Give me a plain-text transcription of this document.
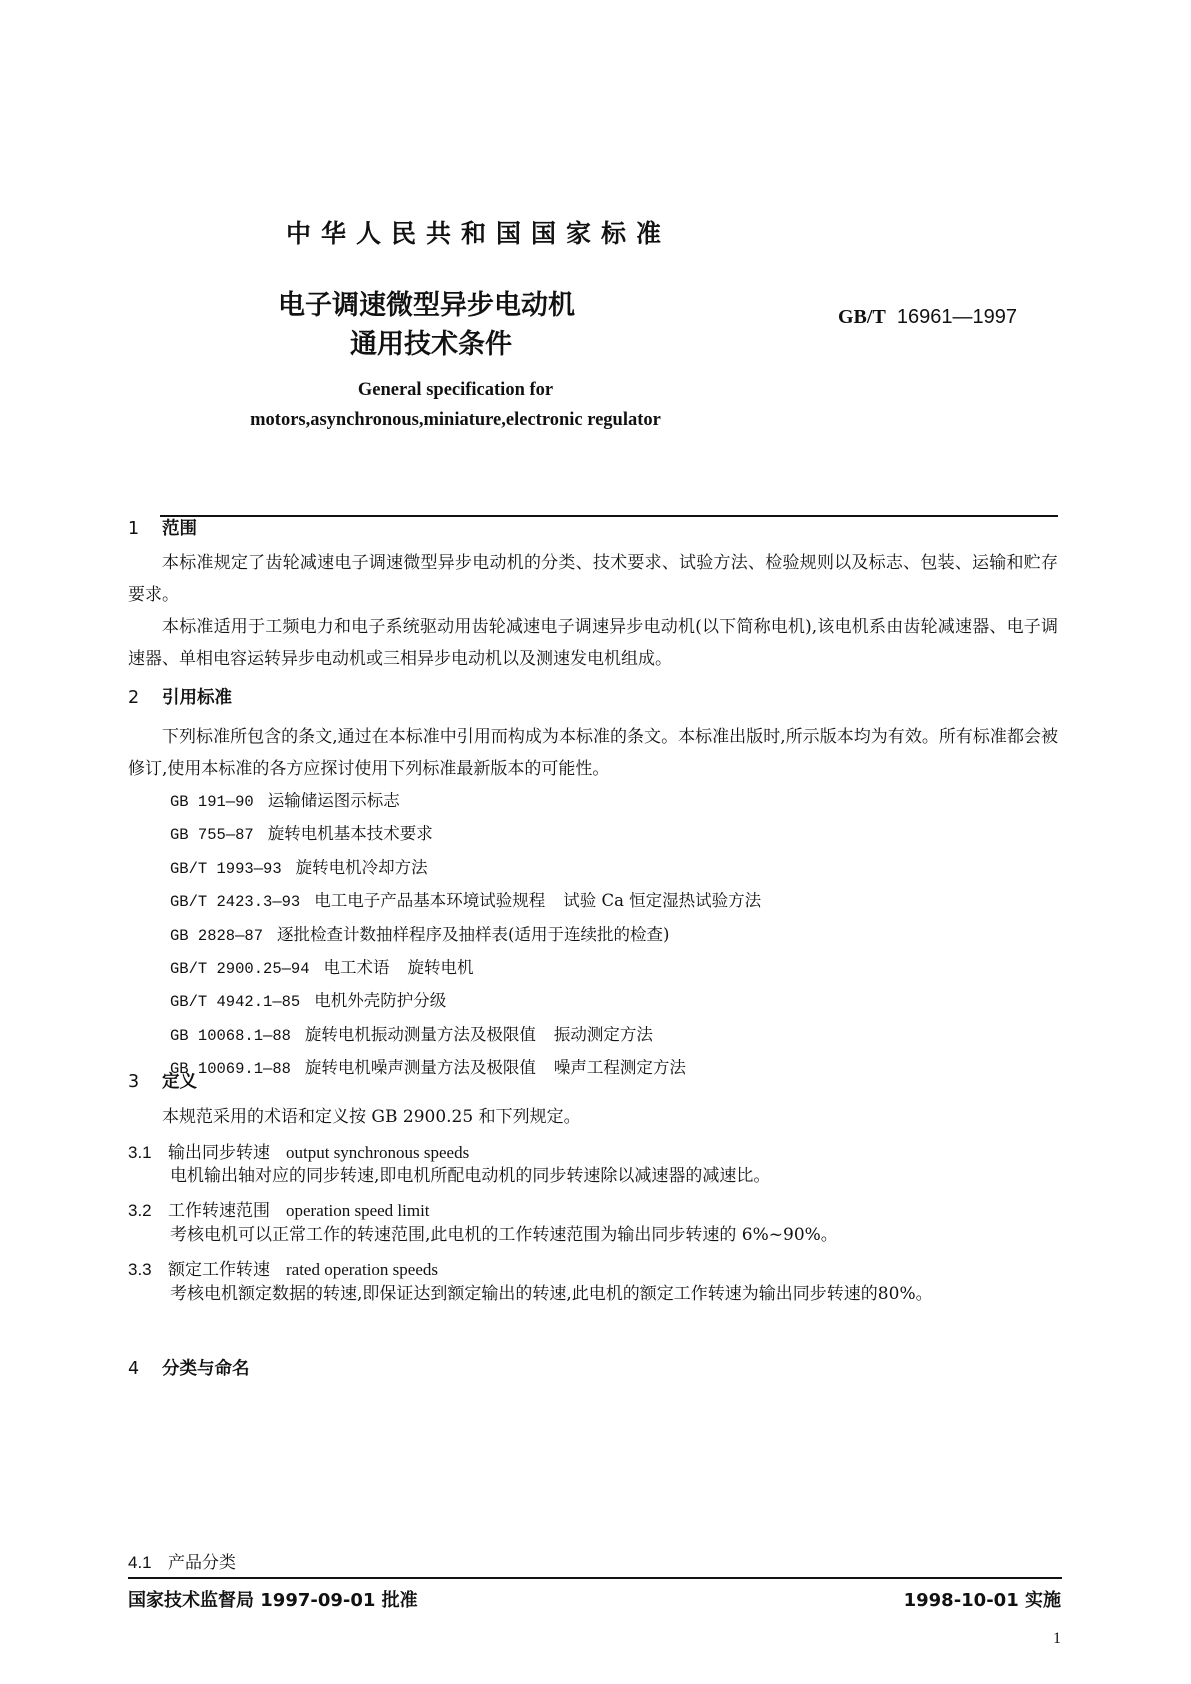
中华人民共和国国家标准
电子调速微型异步电动机
通用技术条件
GB/T 16961—1997
General specification for
motors,asynchronous,miniature,electronic regulator
1 范围
本标准规定了齿轮减速电子调速微型异步电动机的分类、技术要求、试验方法、检验规则以及标志、包装、运输和贮存要求。
本标准适用于工频电力和电子系统驱动用齿轮减速电子调速异步电动机(以下简称电机),该电机系由齿轮减速器、电子调速器、单相电容运转异步电动机或三相异步电动机以及测速发电机组成。
2 引用标准
下列标准所包含的条文,通过在本标准中引用而构成为本标准的条文。本标准出版时,所示版本均为有效。所有标准都会被修订,使用本标准的各方应探讨使用下列标准最新版本的可能性。
GB 191—90 运输储运图示标志
GB 755—87 旋转电机基本技术要求
GB/T 1993—93 旋转电机冷却方法
GB/T 2423.3—93 电工电子产品基本环境试验规程 试验 Ca 恒定湿热试验方法
GB 2828—87 逐批检查计数抽样程序及抽样表(适用于连续批的检查)
GB/T 2900.25—94 电工术语 旋转电机
GB/T 4942.1—85 电机外壳防护分级
GB 10068.1—88 旋转电机振动测量方法及极限值 振动测定方法
GB 10069.1—88 旋转电机噪声测量方法及极限值 噪声工程测定方法
3 定义
本规范采用的术语和定义按 GB 2900.25 和下列规定。
3.1 输出同步转速 output synchronous speeds
电机输出轴对应的同步转速,即电机所配电动机的同步转速除以减速器的减速比。
3.2 工作转速范围 operation speed limit
考核电机可以正常工作的转速范围,此电机的工作转速范围为输出同步转速的 6%~90%。
3.3 额定工作转速 rated operation speeds
考核电机额定数据的转速,即保证达到额定输出的转速,此电机的额定工作转速为输出同步转速的80%。
4 分类与命名
4.1 产品分类
国家技术监督局 1997-09-01 批准	1998-10-01 实施
1
